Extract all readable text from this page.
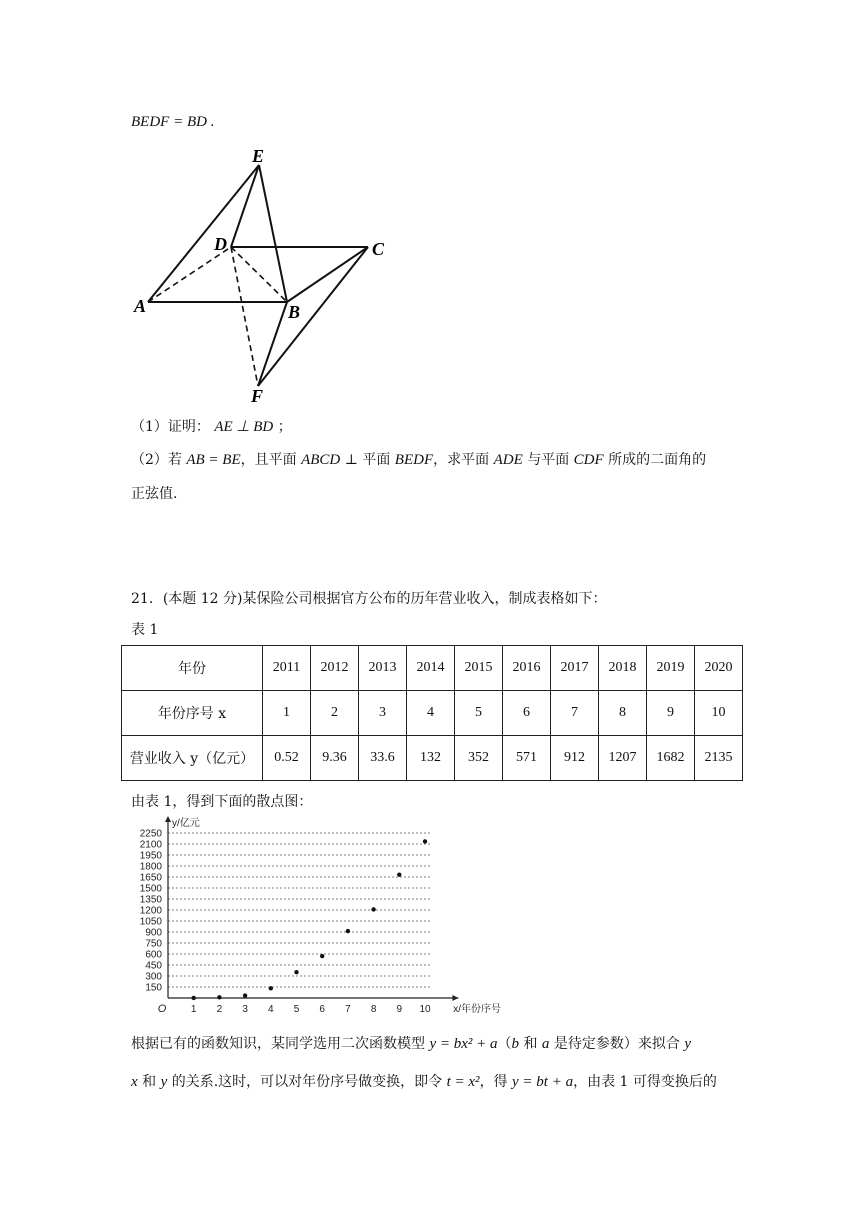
BEDF = BD .
E
D	C
A	B
F
（1）证明： AE ⊥ BD ；
（2）若 AB = BE，且平面 ABCD ⊥ 平面 BEDF，求平面 ADE 与平面 CDF 所成的二面角的
正弦值.
21．(本题 12 分)某保险公司根据官方公布的历年营业收入，制成表格如下：
表 1
年份	2011	2012	2013	2014	2015	2016	2017	2018	2019	2020
年份序号 x	1	2	3	4	5	6	7	8	9	10
营业收入 y（亿元）	0.52	9.36	33.6	132	352	571	912	1207	1682	2135
由表 1，得到下面的散点图：
150
300
450
600
750
900
1050
1200
1350
1500
1650
1800
1950
2100
2250
1 2 3 4 5 6 7 8 9 10
O
y/亿元
x/年份序号
根据已有的函数知识，某同学选用二次函数模型 y = bx² + a（b 和 a 是待定参数）来拟合 y
x 和 y 的关系.这时，可以对年份序号做变换，即令 t = x²，得 y = bt + a，由表 1 可得变换后的
